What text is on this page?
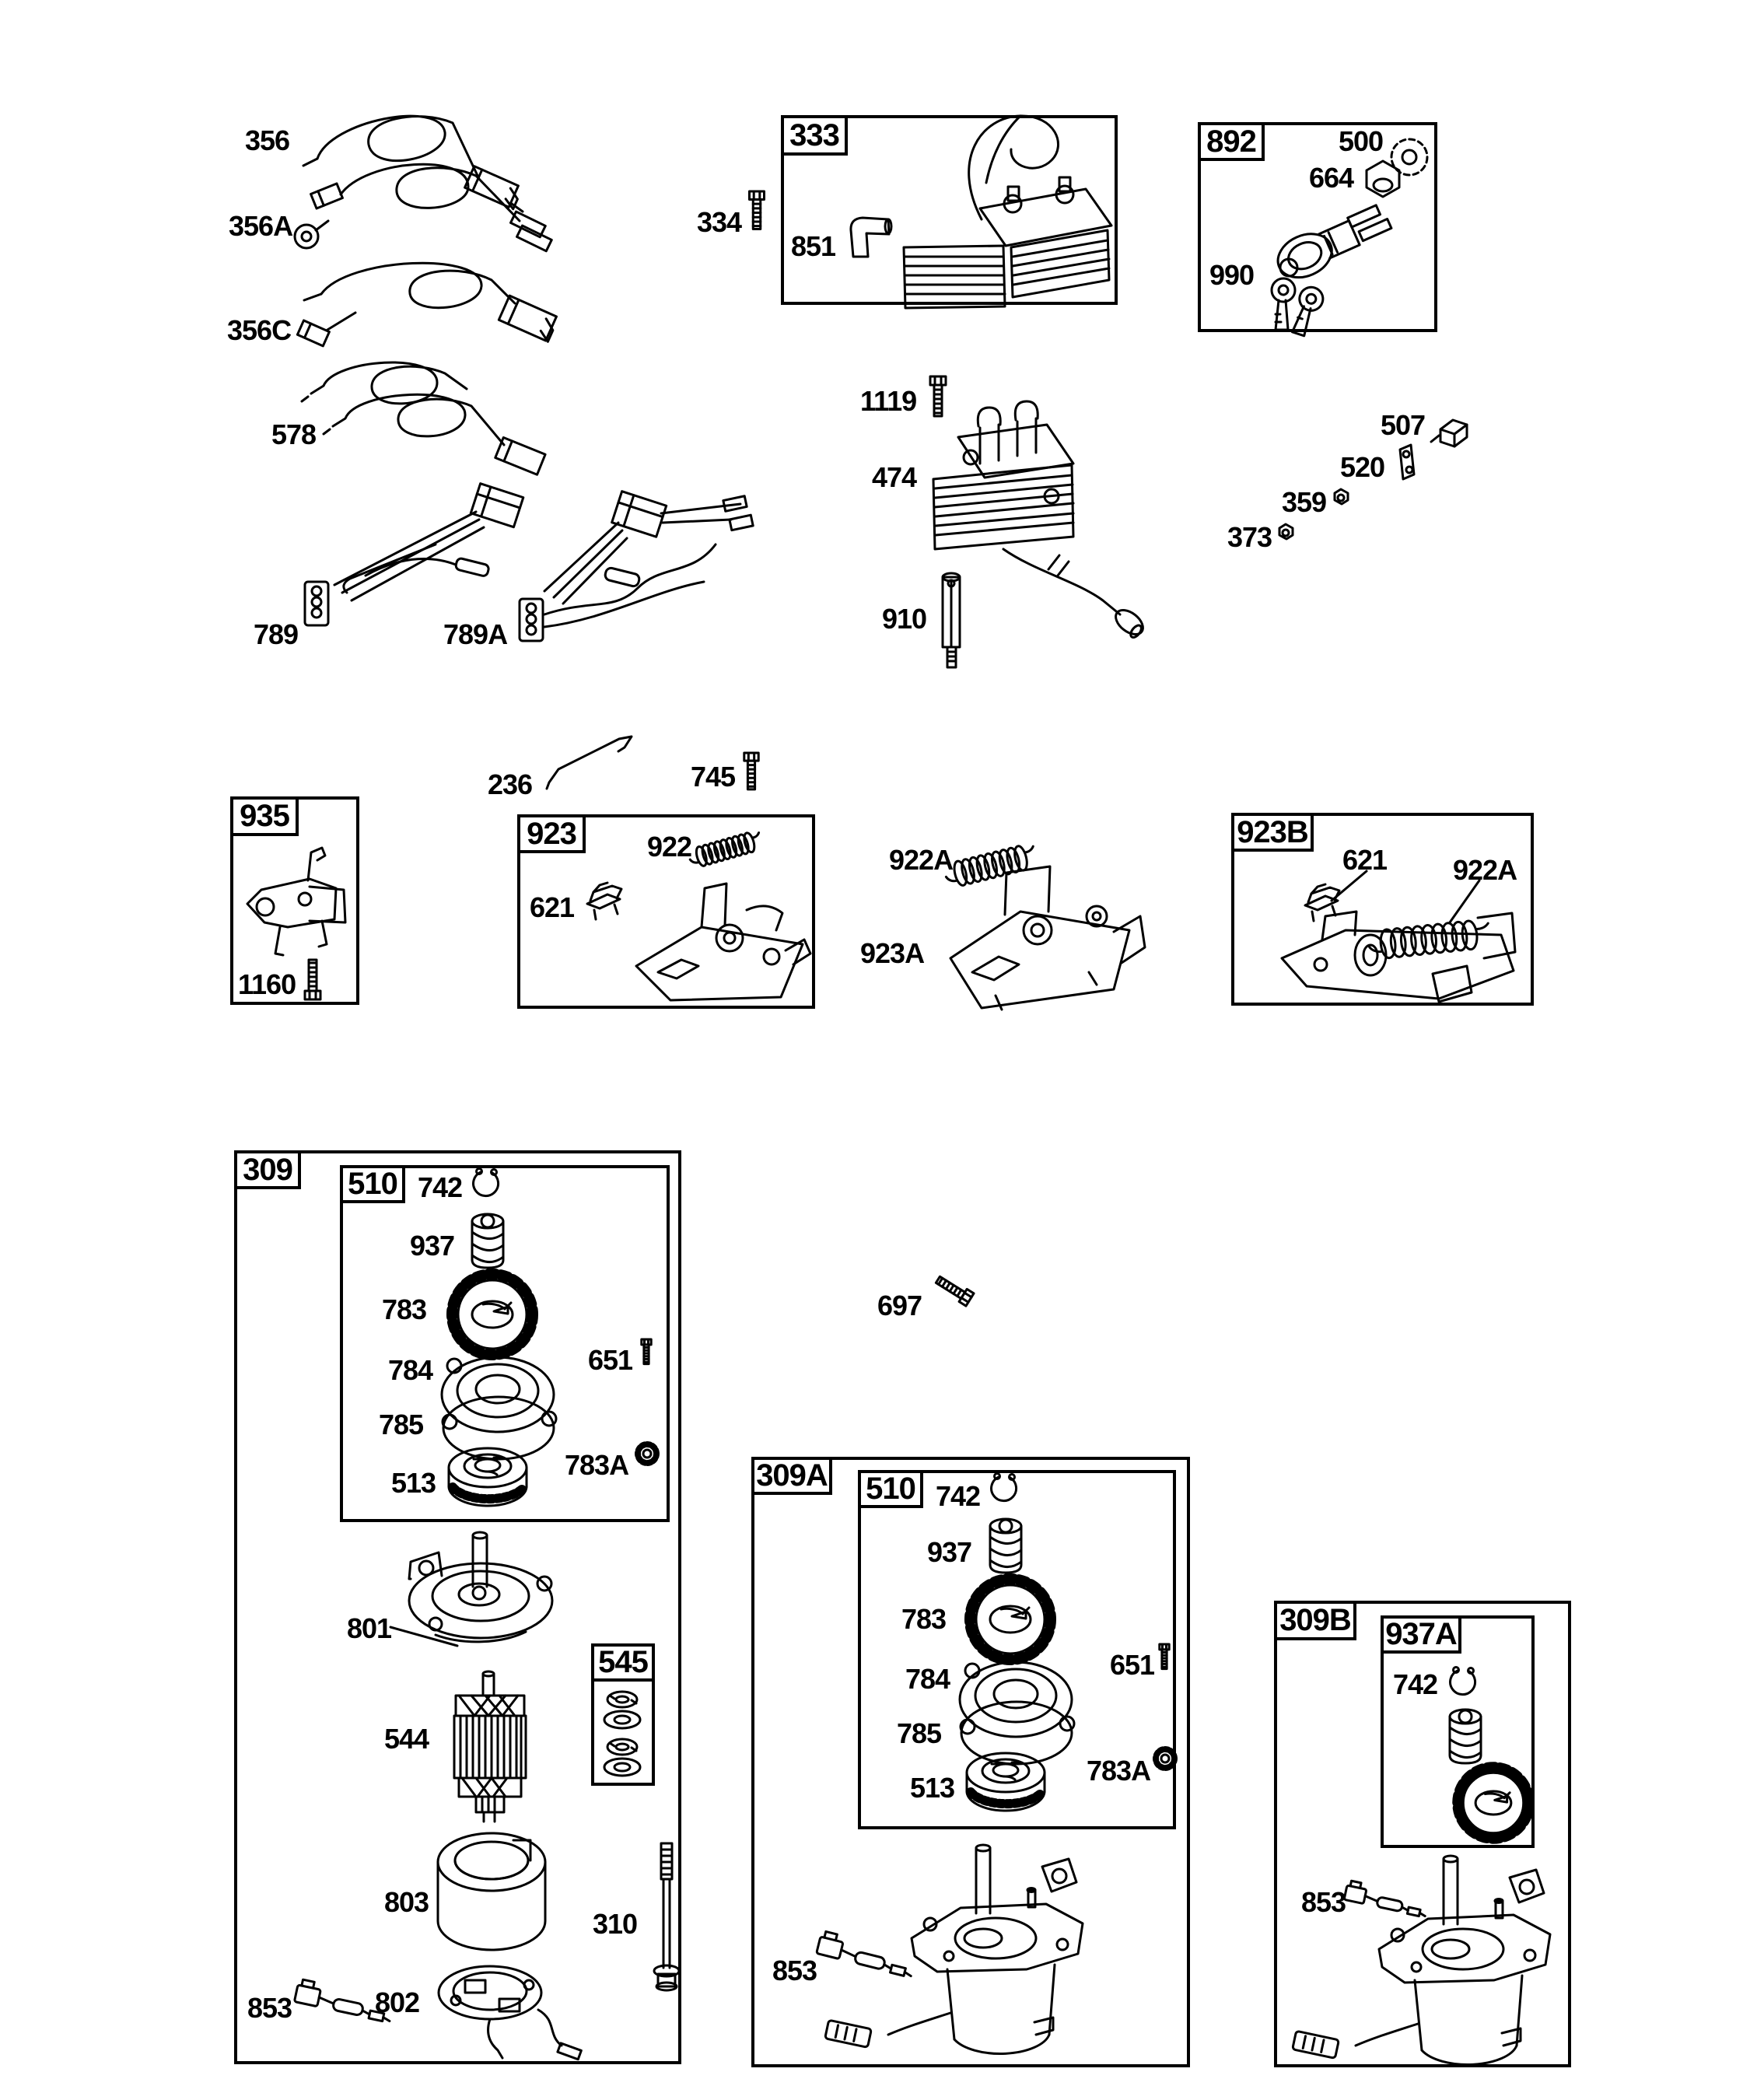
333	892
935
923	923B
309 510
545
309A 510
309B 937A
356
356A
356C
578
789	789A
334
851
500
664
990
1119
474
910
507
520
359
373
236	745
1160
922
621
922A
923A
621 922A
697
742
937
783
784
785
513
651
783A
801
544
803
310
853	802
742
937
783
784
785
513
651
783A
853
742
853
